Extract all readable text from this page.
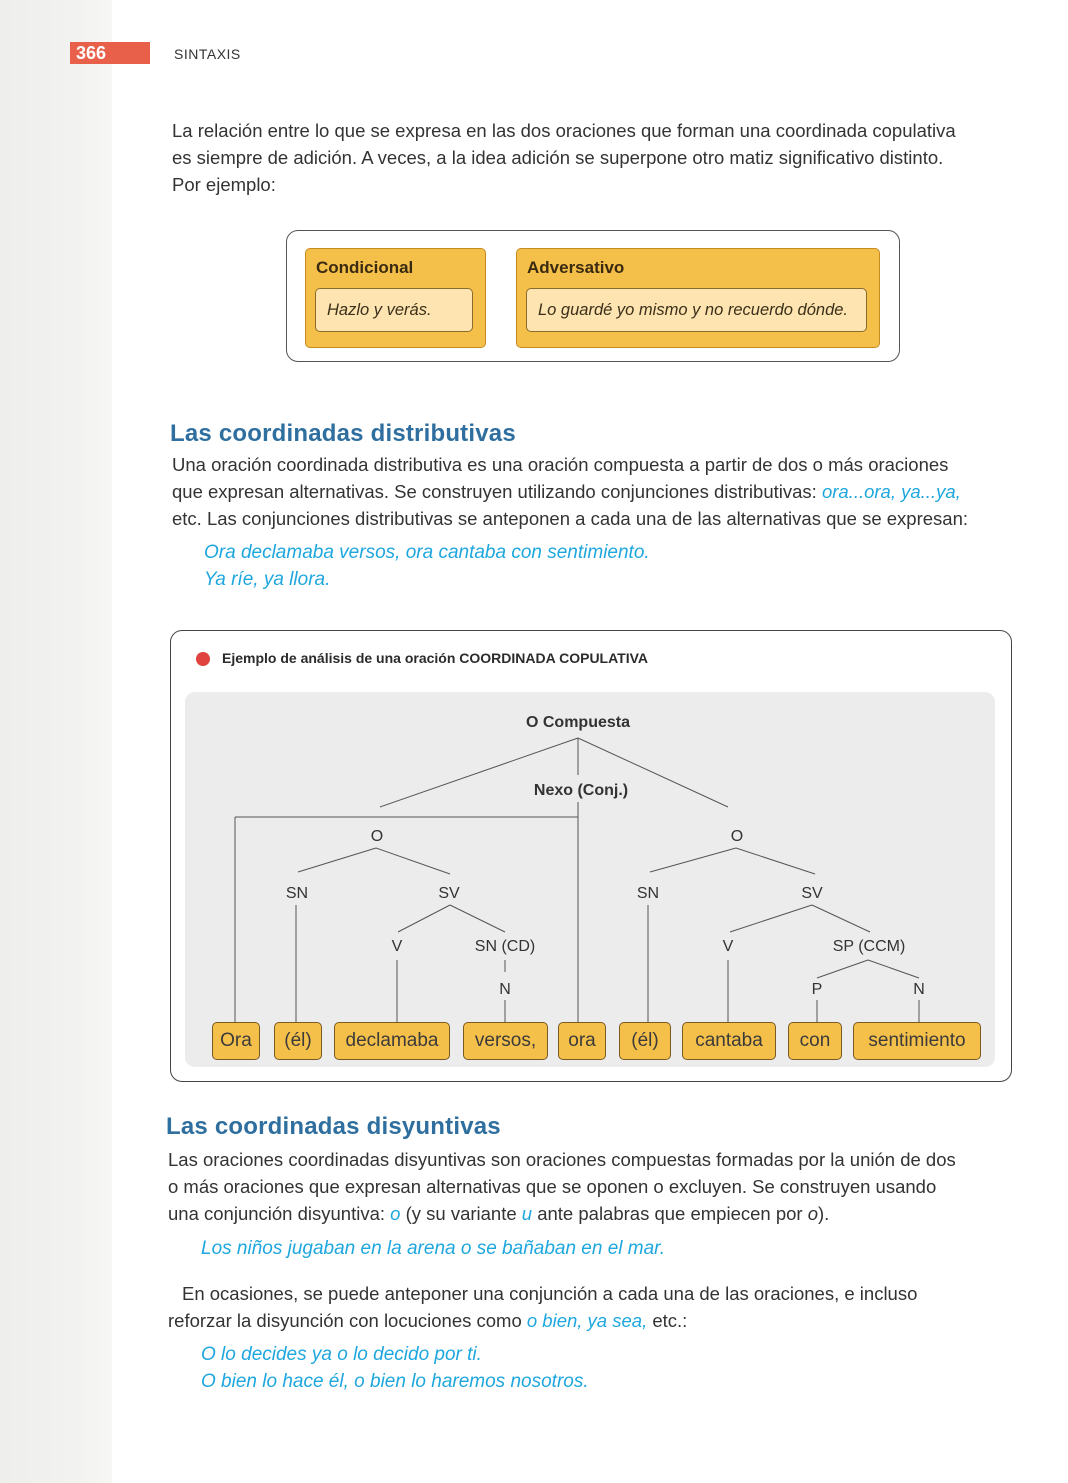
366	SINTAXIS
La relación entre lo que se expresa en las dos oraciones que forman una coordinada copulativa
es siempre de adición. A veces, a la idea adición se superpone otro matiz significativo distinto.
Por ejemplo:
Condicional
Hazlo y verás.
Adversativo
Lo guardé yo mismo y no recuerdo dónde.
Las coordinadas distributivas
Una oración coordinada distributiva es una oración compuesta a partir de dos o más oraciones
que expresan alternativas. Se construyen utilizando conjunciones distributivas: ora...ora, ya...ya,
etc. Las conjunciones distributivas se anteponen a cada una de las alternativas que se expresan:
Ora declamaba versos, ora cantaba con sentimiento.
Ya ríe, ya llora.
Ejemplo de análisis de una oración COORDINADA COPULATIVA
O Compuesta
Nexo (Conj.)
O	O
SN	SV
V	SN (CD)
N
SN	SV
V	SP (CCM)
P	N
Ora	(él)	declamaba	versos,	ora	(él)	cantaba	con	sentimiento
Las coordinadas disyuntivas
Las oraciones coordinadas disyuntivas son oraciones compuestas formadas por la unión de dos
o más oraciones que expresan alternativas que se oponen o excluyen. Se construyen usando
una conjunción disyuntiva: o (y su variante u ante palabras que empiecen por o).
Los niños jugaban en la arena o se bañaban en el mar.
En ocasiones, se puede anteponer una conjunción a cada una de las oraciones, e incluso
reforzar la disyunción con locuciones como o bien, ya sea, etc.:
O lo decides ya o lo decido por ti.
O bien lo hace él, o bien lo haremos nosotros.
